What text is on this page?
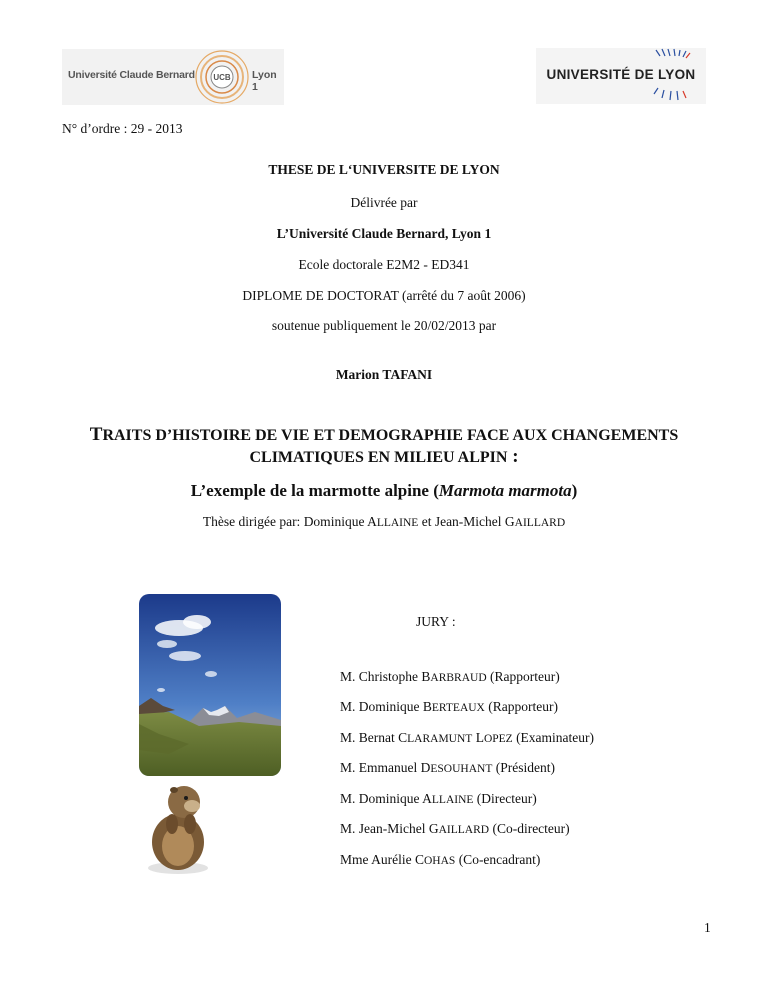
UCB
Université Claude Bernard	Lyon 1
UNIVERSITÉ DE LYON
N° d’ordre : 29 - 2013
THESE DE L‘UNIVERSITE DE LYON
Délivrée par
L’Université Claude Bernard, Lyon 1
Ecole doctorale E2M2 - ED341
DIPLOME DE DOCTORAT (arrêté du 7 août 2006)
soutenue publiquement le 20/02/2013 par
Marion TAFANI
TRAITS D’HISTOIRE DE VIE ET DEMOGRAPHIE FACE AUX CHANGEMENTS
CLIMATIQUES EN MILIEU ALPIN :
L’exemple de la marmotte alpine (Marmota marmota)
Thèse dirigée par: Dominique ALLAINE et Jean-Michel GAILLARD
JURY :
M. Christophe BARBRAUD (Rapporteur)
M. Dominique BERTEAUX (Rapporteur)
M. Bernat CLARAMUNT LOPEZ (Examinateur)
M. Emmanuel DESOUHANT (Président)
M. Dominique ALLAINE (Directeur)
M. Jean-Michel GAILLARD (Co-directeur)
Mme Aurélie COHAS (Co-encadrant)
1
